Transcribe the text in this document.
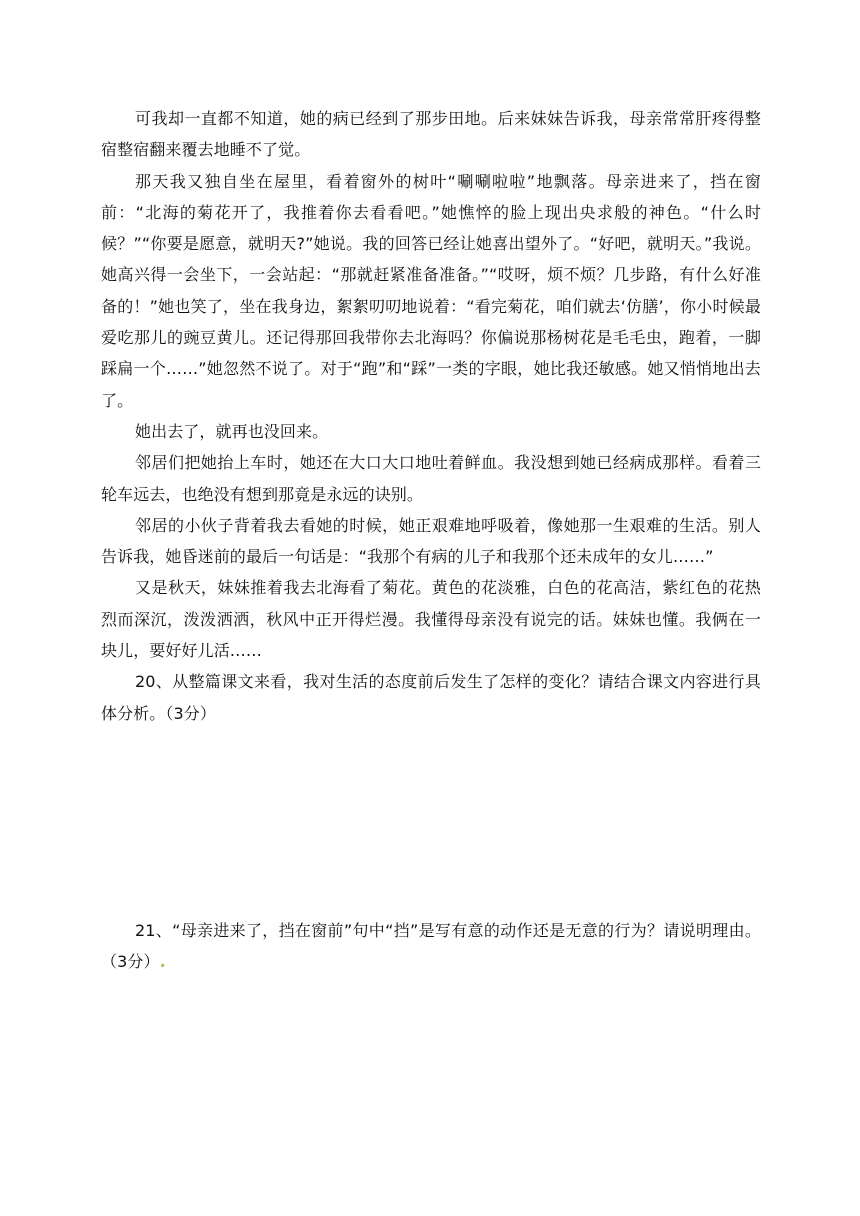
可我却一直都不知道，她的病已经到了那步田地。后来妹妹告诉我，母亲常常肝疼得整宿整宿翻来覆去地睡不了觉。

那天我又独自坐在屋里，看着窗外的树叶“唰唰啦啦”地飘落。母亲进来了，挡在窗前：“北海的菊花开了，我推着你去看看吧。”她憔悴的脸上现出央求般的神色。“什么时候？”“你要是愿意，就明天?”她说。我的回答已经让她喜出望外了。“好吧，就明天。”我说。她高兴得一会坐下，一会站起：“那就赶紧准备准备。”“哎呀，烦不烦？几步路，有什么好准备的！”她也笑了，坐在我身边，絮絮叨叨地说着：“看完菊花，咱们就去‘仿膳’，你小时候最爱吃那儿的豌豆黄儿。还记得那回我带你去北海吗？你偏说那杨树花是毛毛虫，跑着，一脚踩扁一个……”她忽然不说了。对于“跑”和“踩”一类的字眼，她比我还敏感。她又悄悄地出去了。

她出去了，就再也没回来。

邻居们把她抬上车时，她还在大口大口地吐着鲜血。我没想到她已经病成那样。看着三轮车远去，也绝没有想到那竟是永远的诀别。

邻居的小伙子背着我去看她的时候，她正艰难地呼吸着，像她那一生艰难的生活。别人告诉我，她昏迷前的最后一句话是：“我那个有病的儿子和我那个还未成年的女儿……”

又是秋天，妹妹推着我去北海看了菊花。黄色的花淡雅，白色的花高洁，紫红色的花热烈而深沉，泼泼洒洒，秋风中正开得烂漫。我懂得母亲没有说完的话。妹妹也懂。我俩在一块儿，要好好儿活……

20、从整篇课文来看，我对生活的态度前后发生了怎样的变化？请结合课文内容进行具体分析。（3分）

21、“母亲进来了，挡在窗前”句中“挡”是写有意的动作还是无意的行为？请说明理由。（3分）.
